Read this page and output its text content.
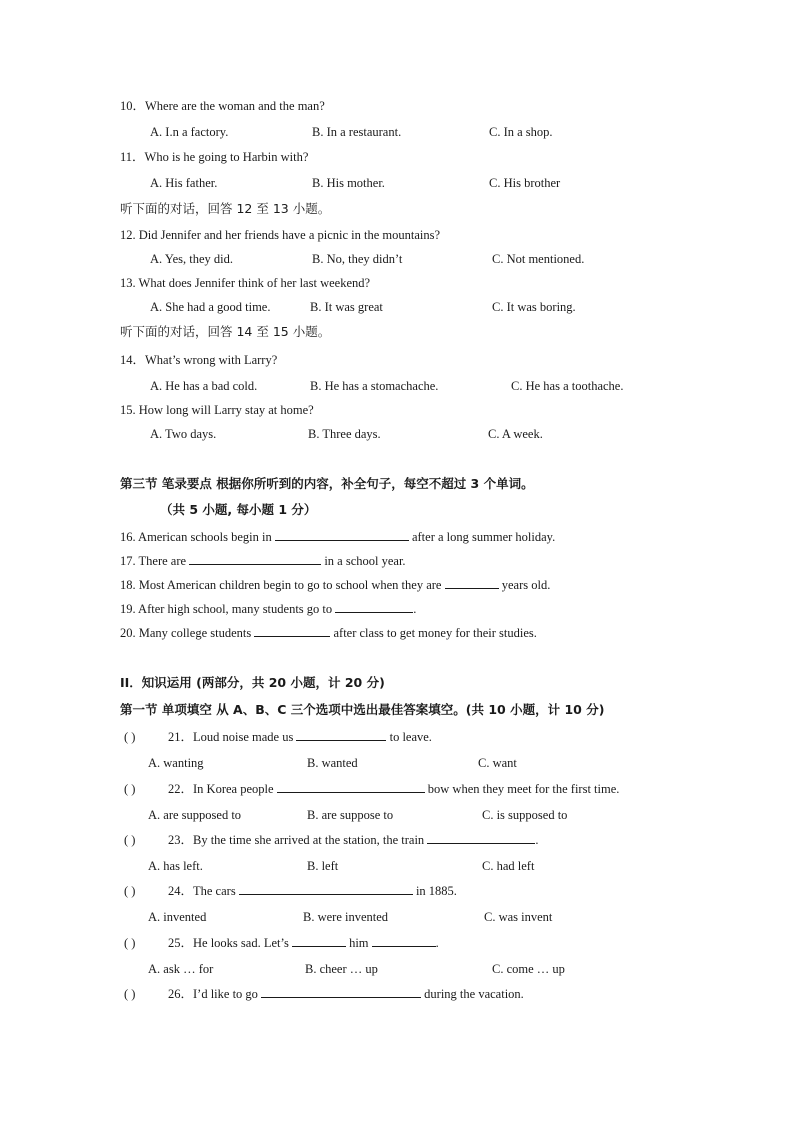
10．Where are the woman and the man?
A. I.n a factory.	B. In a restaurant.	C. In a shop.
11．Who is he going to Harbin with?
A. His father.	B. His mother.	C. His brother
听下面的对话，回答 12 至 13 小题。
12. Did Jennifer and her friends have a picnic in the mountains?
A. Yes, they did.	B. No, they didn’t	C. Not mentioned.
13. What does Jennifer think of her last weekend?
A. She had a good time.	B. It was great	C. It was boring.
听下面的对话，回答 14 至 15 小题。
14．What’s wrong with Larry?
A. He has a bad cold.	B. He has a stomachache.	C. He has a toothache.
15. How long will Larry stay at home?
A. Two days.	B. Three days.	C. A week.
第三节 笔录要点 根据你所听到的内容，补全句子，每空不超过 3 个单词。
（共 5 小题, 每小题 1 分）
16. American schools begin in	after a long summer holiday.
17. There are	in a school year.
18. Most American children begin to go to school when they are	years old.
19. After high school, many students go to	.
20. Many college students	after class to get money for their studies.
II．知识运用 (两部分，共 20 小题，计 20 分)
第一节 单项填空 从 A、B、C 三个选项中选出最佳答案填空。(共 10 小题，计 10 分)
( )	21．Loud noise made us	to leave.
A. wanting	B. wanted	C. want
( )	22．In Korea people	bow when they meet for the first time.
A. are supposed to	B. are suppose to	C. is supposed to
( )	23．By the time she arrived at the station, the train	.
A. has left.	B. left	C. had left
( )	24．The cars	in 1885.
A. invented	B. were invented	C. was invent
( )	25．He looks sad. Let’s	him	.
A. ask … for	B. cheer … up	C. come … up
( )	26．I’d like to go	during the vacation.
